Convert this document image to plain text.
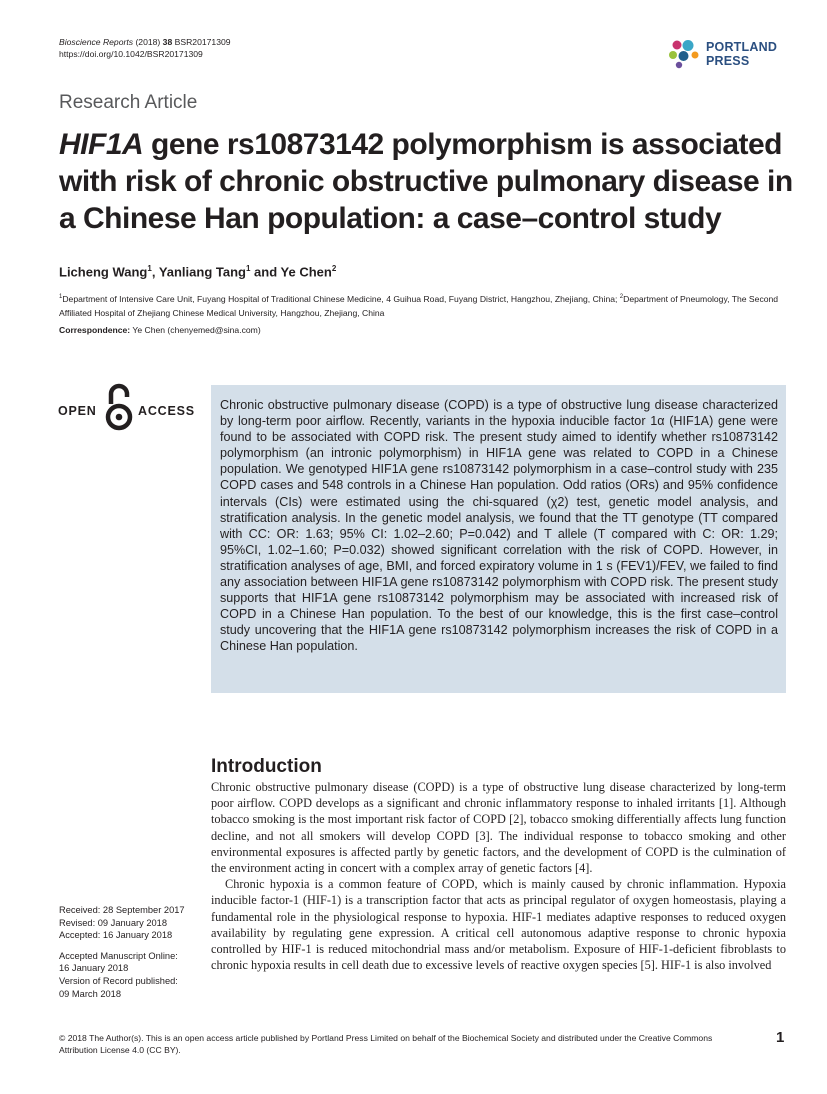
Bioscience Reports (2018) 38 BSR20171309
https://doi.org/10.1042/BSR20171309	PORTLAND
PRESS
Research Article
HIF1A gene rs10873142 polymorphism is associated with risk of chronic obstructive pulmonary disease in a Chinese Han population: a case–control study
Licheng Wang$^1$, Yanliang Tang$^1$ and Ye Chen$^2$
$^1$Department of Intensive Care Unit, Fuyang Hospital of Traditional Chinese Medicine, 4 Guihua Road, Fuyang District, Hangzhou, Zhejiang, China; $^2$Department of Pneumology, The Second Affiliated Hospital of Zhejiang Chinese Medical University, Hangzhou, Zhejiang, China
Correspondence: Ye Chen (chenyemed@sina.com)
OPEN	ACCESS Chronic obstructive pulmonary disease (COPD) is a type of obstructive lung disease characterized by long-term poor airflow. Recently, variants in the hypoxia inducible factor 1α (HIF1A) gene were found to be associated with COPD risk. The present study aimed to identify whether rs10873142 polymorphism (an intronic polymorphism) in HIF1A gene was related to COPD in a Chinese population. We genotyped HIF1A gene rs10873142 polymorphism in a case–control study with 235 COPD cases and 548 controls in a Chinese Han population. Odd ratios (ORs) and 95% confidence intervals (CIs) were estimated using the chi-squared (χ2) test, genetic model analysis, and stratification analysis. In the genetic model analysis, we found that the TT genotype (TT compared with CC: OR: 1.63; 95% CI: 1.02–2.60; P=0.042) and T allele (T compared with C: OR: 1.29; 95%CI, 1.02–1.60; P=0.032) showed significant correlation with the risk of COPD. However, in stratification analyses of age, BMI, and forced expiratory volume in 1 s (FEV1)/FEV, we failed to find any association between HIF1A gene rs10873142 polymorphism with COPD risk. The present study supports that HIF1A gene rs10873142 polymorphism may be associated with increased risk of COPD in a Chinese Han population. To the best of our knowledge, this is the first case–control study uncovering that the HIF1A gene rs10873142 polymorphism increases the risk of COPD in a Chinese Han population.

Introduction

Chronic obstructive pulmonary disease (COPD) is a type of obstructive lung disease characterized by long-term poor airflow. COPD develops as a significant and chronic inflammatory response to inhaled irritants [1]. Although tobacco smoking is the most important risk factor of COPD [2], tobacco smoking differentially affects lung function decline, and not all smokers will develop COPD [3]. The individual response to tobacco smoking and other environmental exposures is affected partly by genetic factors, and the development of COPD is the culmination of the environment acting in concert with a complex array of genetic factors [4].

Chronic hypoxia is a common feature of COPD, which is mainly caused by chronic inflammation. Hypoxia inducible factor-1 (HIF-1) is a transcription factor that acts as principal regulator of oxygen homeostasis, playing a fundamental role in the physiological response to hypoxia. HIF-1 mediates adaptive responses to reduced oxygen availability by regulating gene expression. A critical cell autonomous adaptive response to chronic hypoxia controlled by HIF-1 is reduced mitochondrial mass and/or metabolism. Exposure of HIF-1-deficient fibroblasts to chronic hypoxia results in cell death due to excessive levels of reactive oxygen species [5]. HIF-1 is also involved

Received: 28 September 2017
Revised: 09 January 2018
Accepted: 16 January 2018
Accepted Manuscript Online:
16 January 2018
Version of Record published:
09 March 2018
© 2018 The Author(s). This is an open access article published by Portland Press Limited on behalf of the Biochemical Society and distributed under the Creative Commons Attribution License 4.0 (CC BY).
1
